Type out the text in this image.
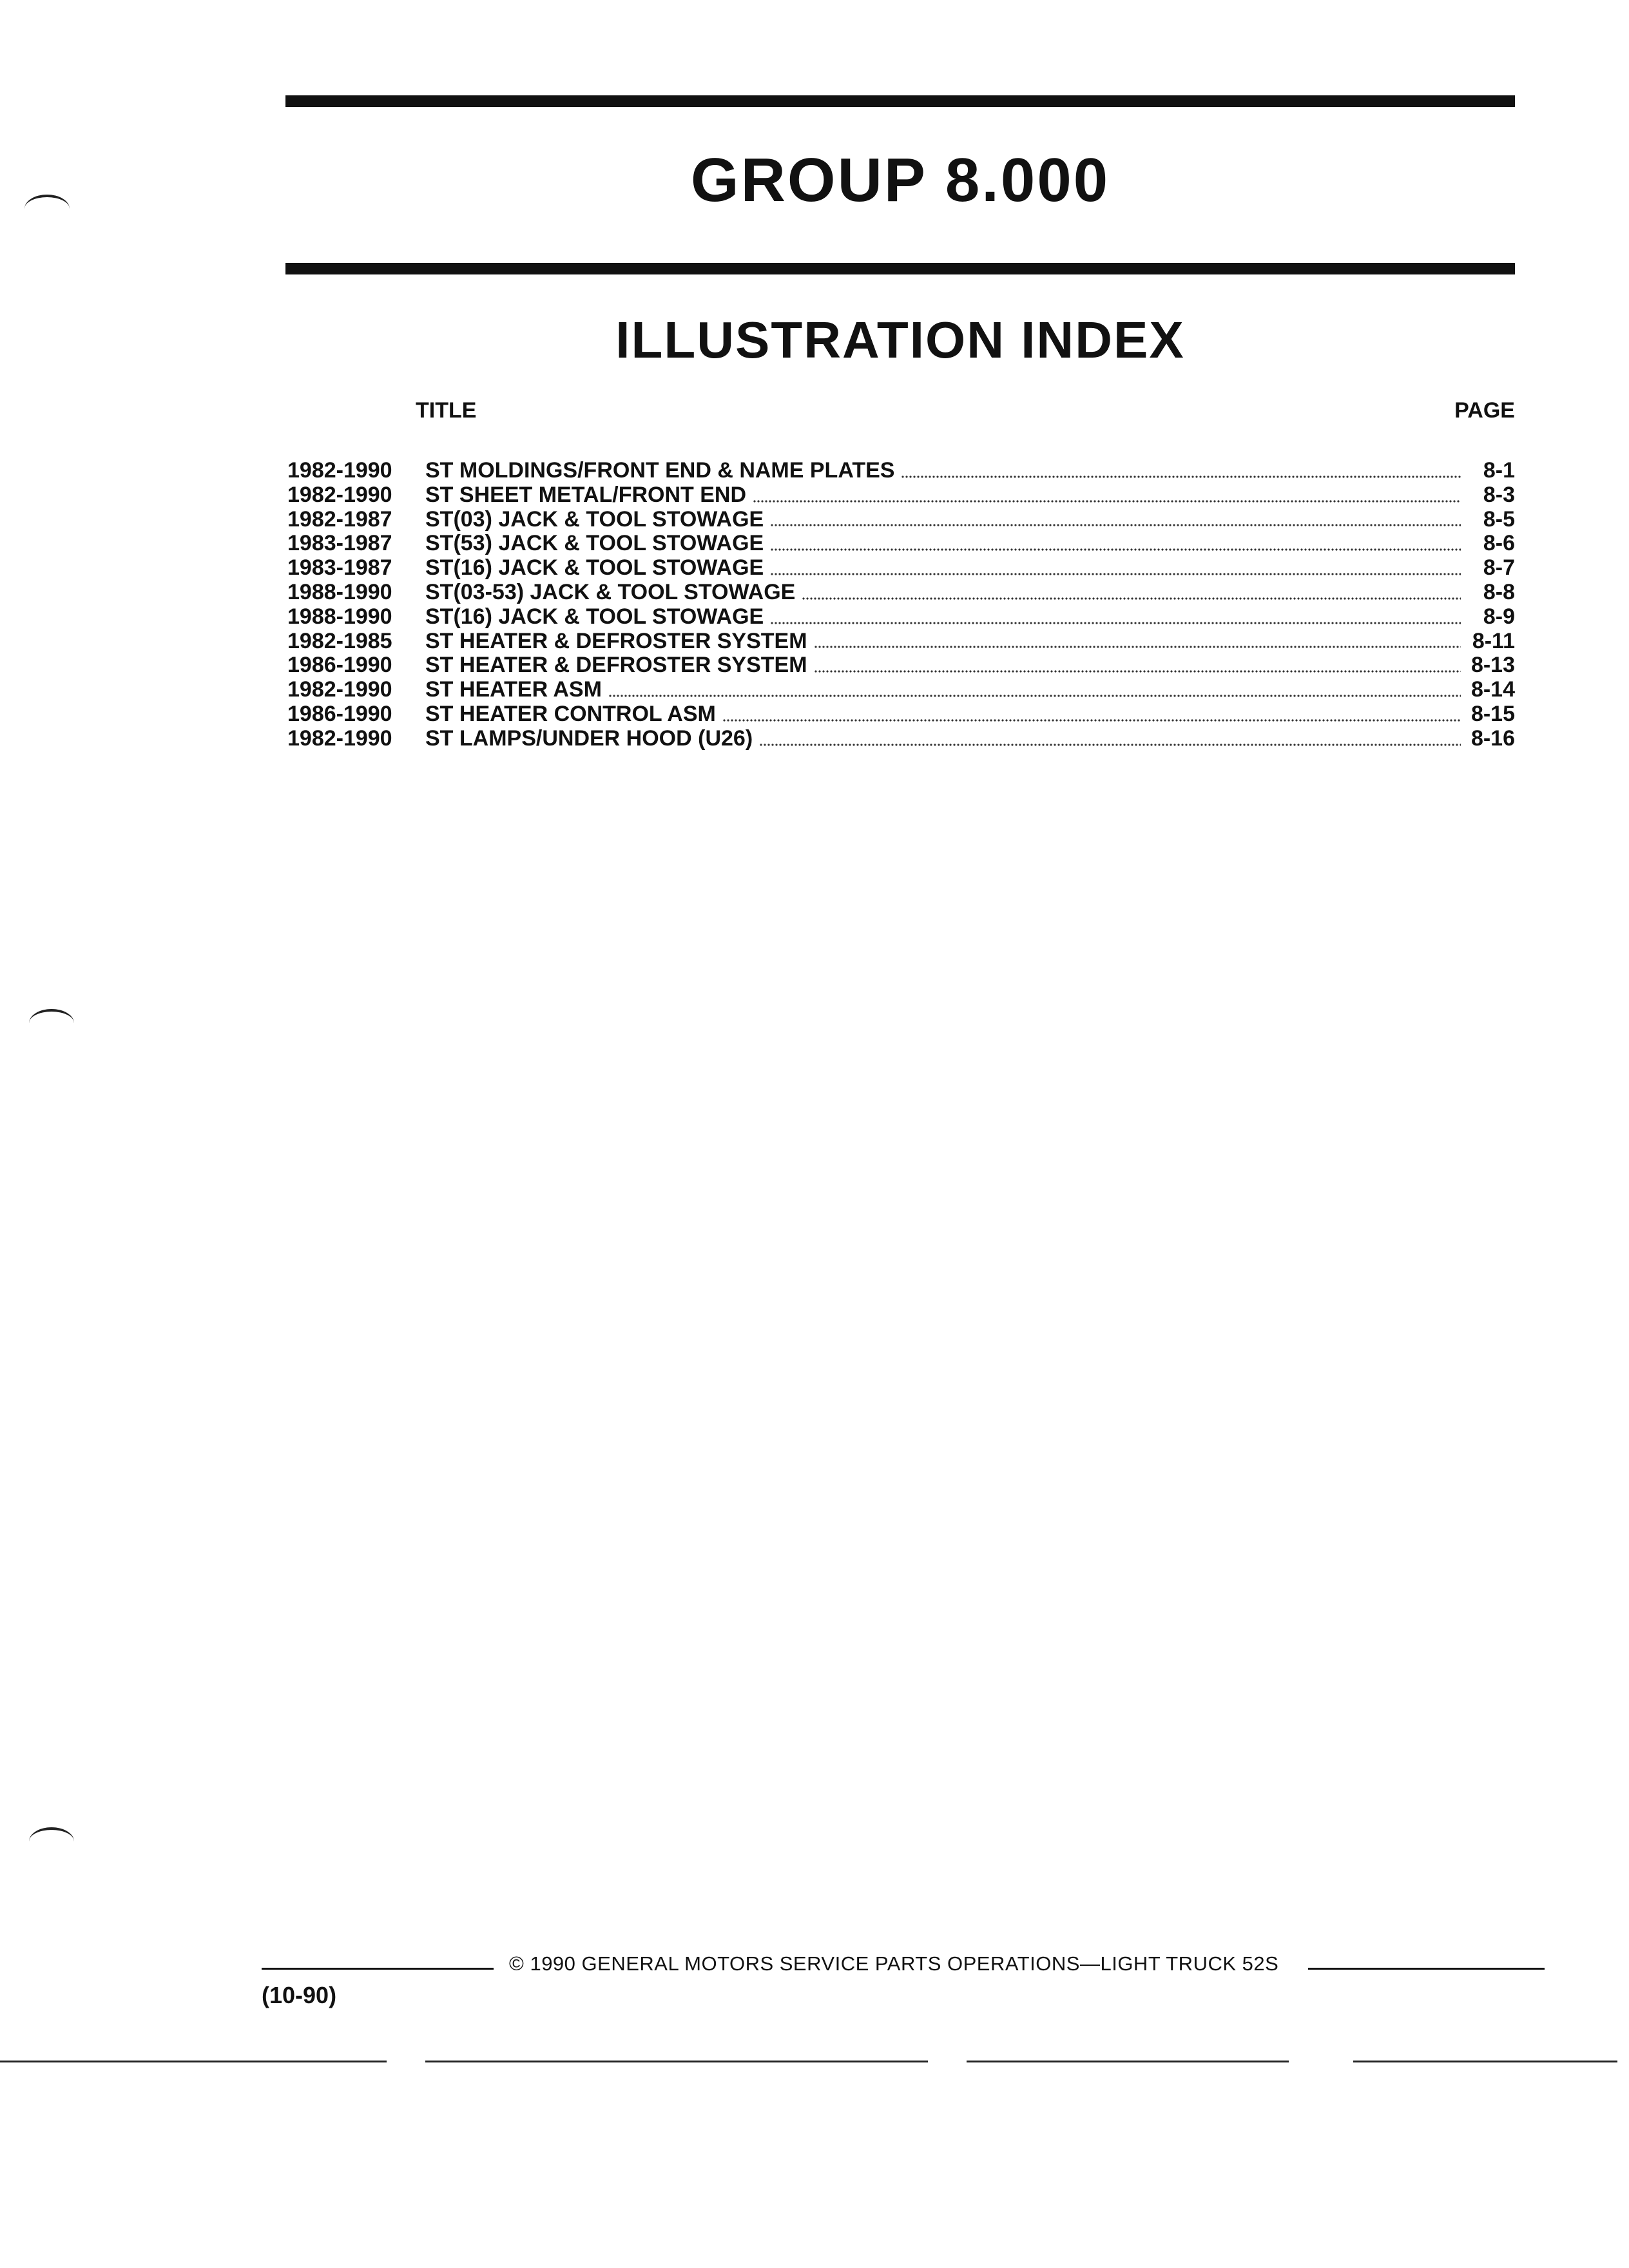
GROUP 8.000
ILLUSTRATION INDEX
TITLE	PAGE
1982-1990	ST MOLDINGS/FRONT END & NAME PLATES	8-1
1982-1990	ST SHEET METAL/FRONT END	8-3
1982-1987	ST(03) JACK & TOOL STOWAGE	8-5
1983-1987	ST(53) JACK & TOOL STOWAGE	8-6
1983-1987	ST(16) JACK & TOOL STOWAGE	8-7
1988-1990	ST(03-53) JACK & TOOL STOWAGE	8-8
1988-1990	ST(16) JACK & TOOL STOWAGE	8-9
1982-1985	ST HEATER & DEFROSTER SYSTEM	8-11
1986-1990	ST HEATER & DEFROSTER SYSTEM	8-13
1982-1990	ST HEATER ASM	8-14
1986-1990	ST HEATER CONTROL ASM	8-15
1982-1990	ST LAMPS/UNDER HOOD (U26)	8-16
© 1990 GENERAL MOTORS SERVICE PARTS OPERATIONS—LIGHT TRUCK 52S
(10-90)
